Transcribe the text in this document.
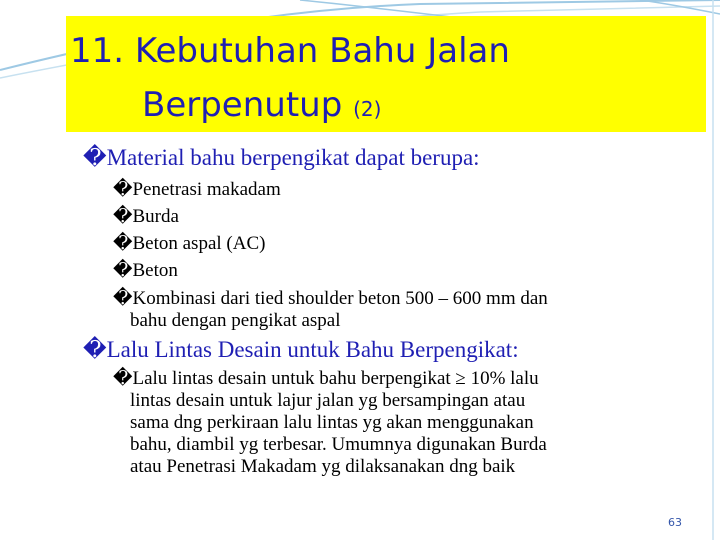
11. Kebutuhan Bahu Jalan
Berpenutup (2)
�Material bahu berpengikat dapat berupa:
�Penetrasi makadam
�Burda
�Beton aspal (AC)
�Beton
�Kombinasi dari tied shoulder beton 500 – 600 mm dan
bahu dengan pengikat aspal
�Lalu Lintas Desain untuk Bahu Berpengikat:
�Lalu lintas desain untuk bahu berpengikat ≥ 10% lalu
lintas desain untuk lajur jalan yg bersampingan atau
sama dng perkiraan lalu lintas yg akan menggunakan
bahu, diambil yg terbesar. Umumnya digunakan Burda
atau Penetrasi Makadam yg dilaksanakan dng baik
63
